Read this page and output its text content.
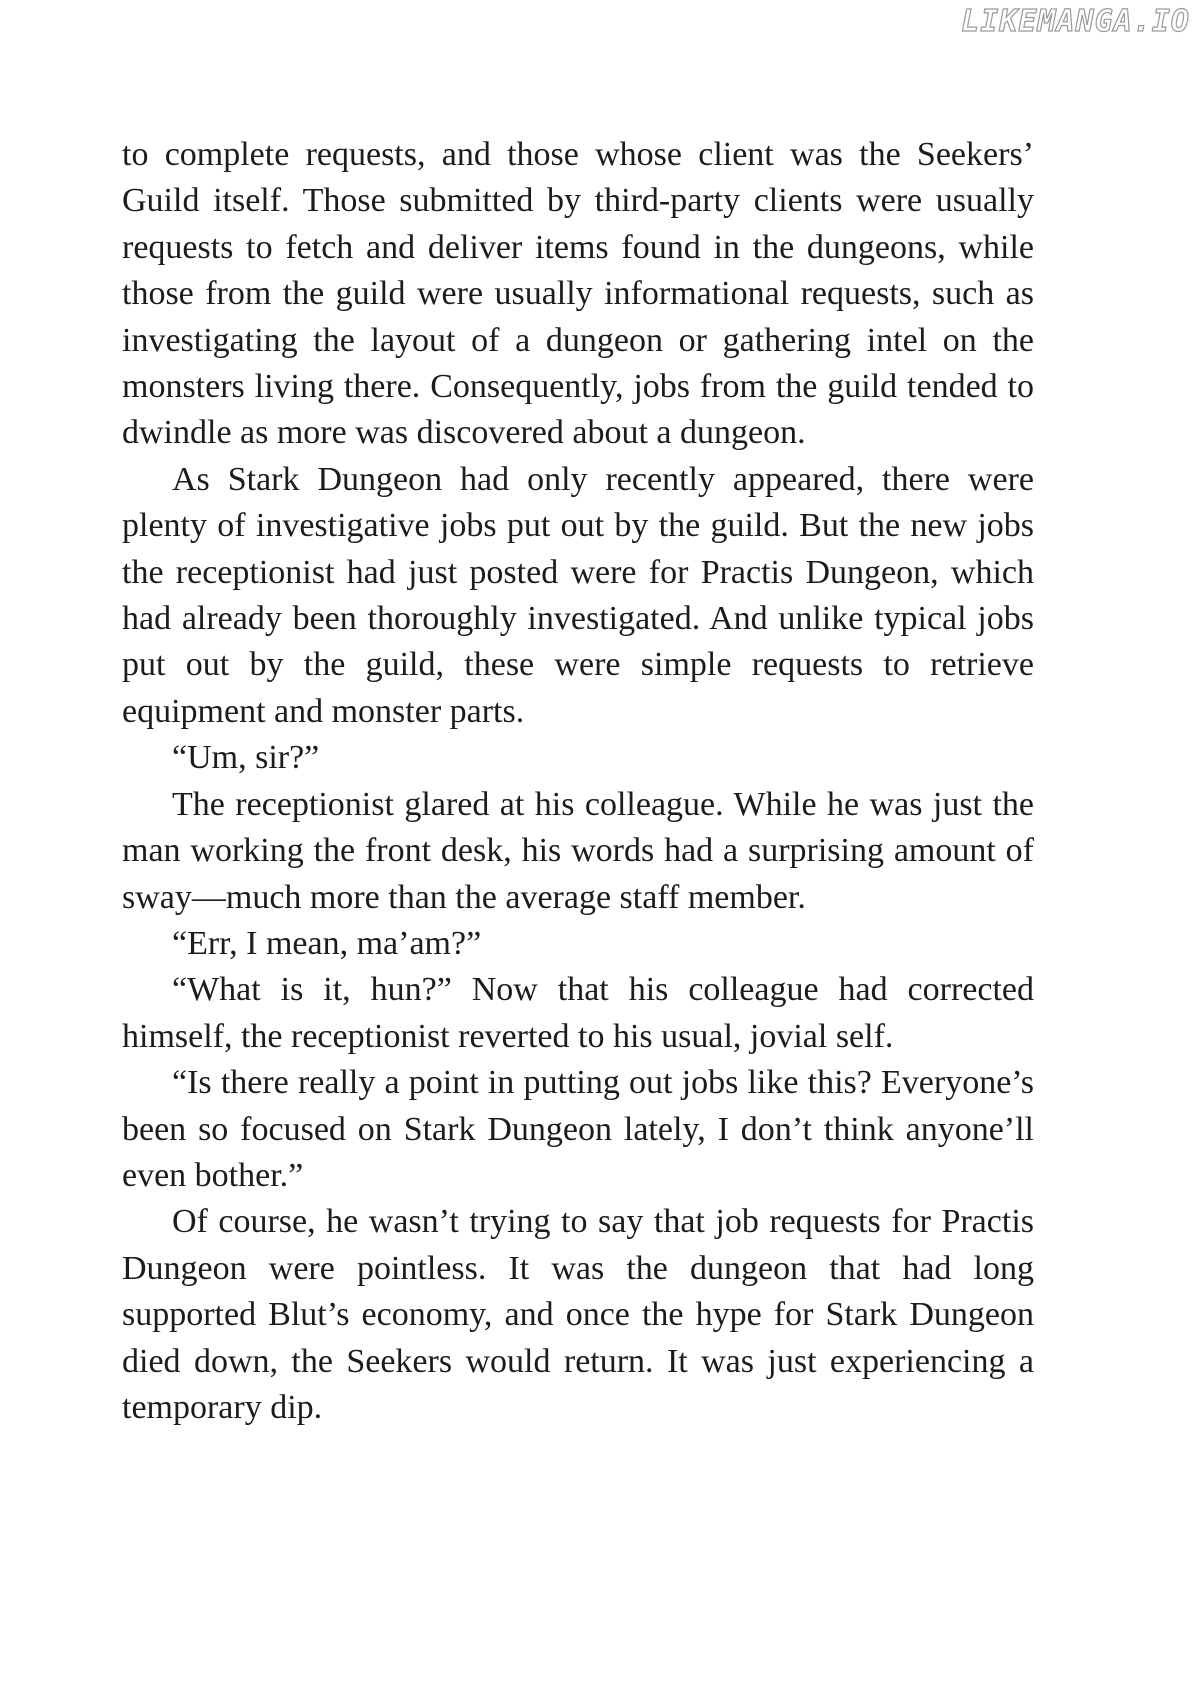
LIKEMANGA.IO

to complete requests, and those whose client was the Seekers’ Guild itself. Those submitted by third-party clients were usually requests to fetch and deliver items found in the dungeons, while those from the guild were usually informational requests, such as investigating the layout of a dungeon or gathering intel on the monsters living there. Consequently, jobs from the guild tended to dwindle as more was discovered about a dungeon.

As Stark Dungeon had only recently appeared, there were plenty of investigative jobs put out by the guild. But the new jobs the receptionist had just posted were for Practis Dungeon, which had already been thoroughly investigated. And unlike typical jobs put out by the guild, these were simple requests to retrieve equipment and monster parts.

“Um, sir?”

The receptionist glared at his colleague. While he was just the man working the front desk, his words had a surprising amount of sway—much more than the average staff member.

“Err, I mean, ma’am?”

“What is it, hun?” Now that his colleague had corrected himself, the receptionist reverted to his usual, jovial self.

“Is there really a point in putting out jobs like this? Everyone’s been so focused on Stark Dungeon lately, I don’t think anyone’ll even bother.”

Of course, he wasn’t trying to say that job requests for Practis Dungeon were pointless. It was the dungeon that had long supported Blut’s economy, and once the hype for Stark Dungeon died down, the Seekers would return. It was just experiencing a temporary dip.
